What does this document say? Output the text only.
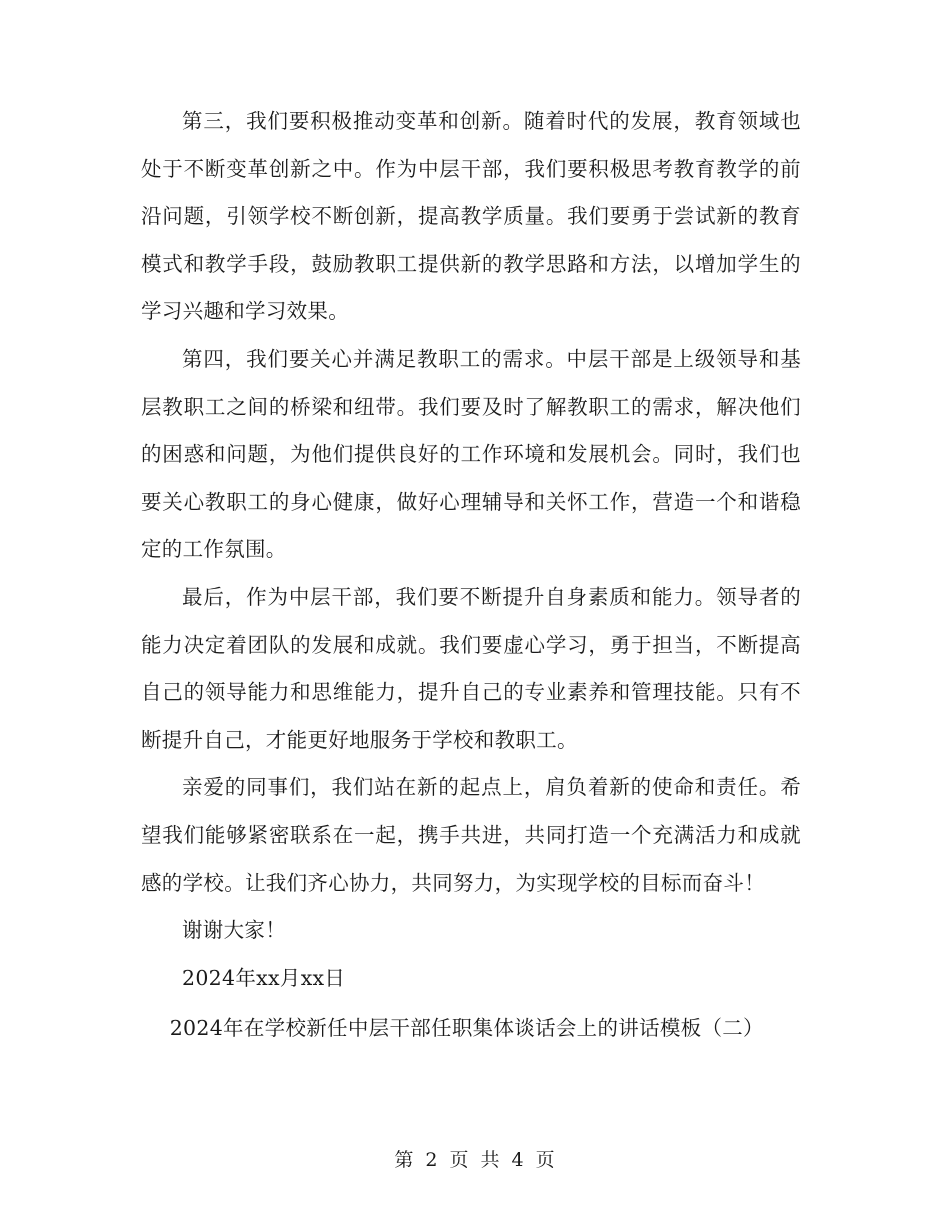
第三，我们要积极推动变革和创新。随着时代的发展，教育领域也处于不断变革创新之中。作为中层干部，我们要积极思考教育教学的前沿问题，引领学校不断创新，提高教学质量。我们要勇于尝试新的教育模式和教学手段，鼓励教职工提供新的教学思路和方法，以增加学生的学习兴趣和学习效果。

第四，我们要关心并满足教职工的需求。中层干部是上级领导和基层教职工之间的桥梁和纽带。我们要及时了解教职工的需求，解决他们的困惑和问题，为他们提供良好的工作环境和发展机会。同时，我们也要关心教职工的身心健康，做好心理辅导和关怀工作，营造一个和谐稳定的工作氛围。

最后，作为中层干部，我们要不断提升自身素质和能力。领导者的能力决定着团队的发展和成就。我们要虚心学习，勇于担当，不断提高自己的领导能力和思维能力，提升自己的专业素养和管理技能。只有不断提升自己，才能更好地服务于学校和教职工。

亲爱的同事们，我们站在新的起点上，肩负着新的使命和责任。希望我们能够紧密联系在一起，携手共进，共同打造一个充满活力和成就感的学校。让我们齐心协力，共同努力，为实现学校的目标而奋斗！

谢谢大家！

2024年xx月xx日

2024年在学校新任中层干部任职集体谈话会上的讲话模板（二）

第 2 页 共 4 页
